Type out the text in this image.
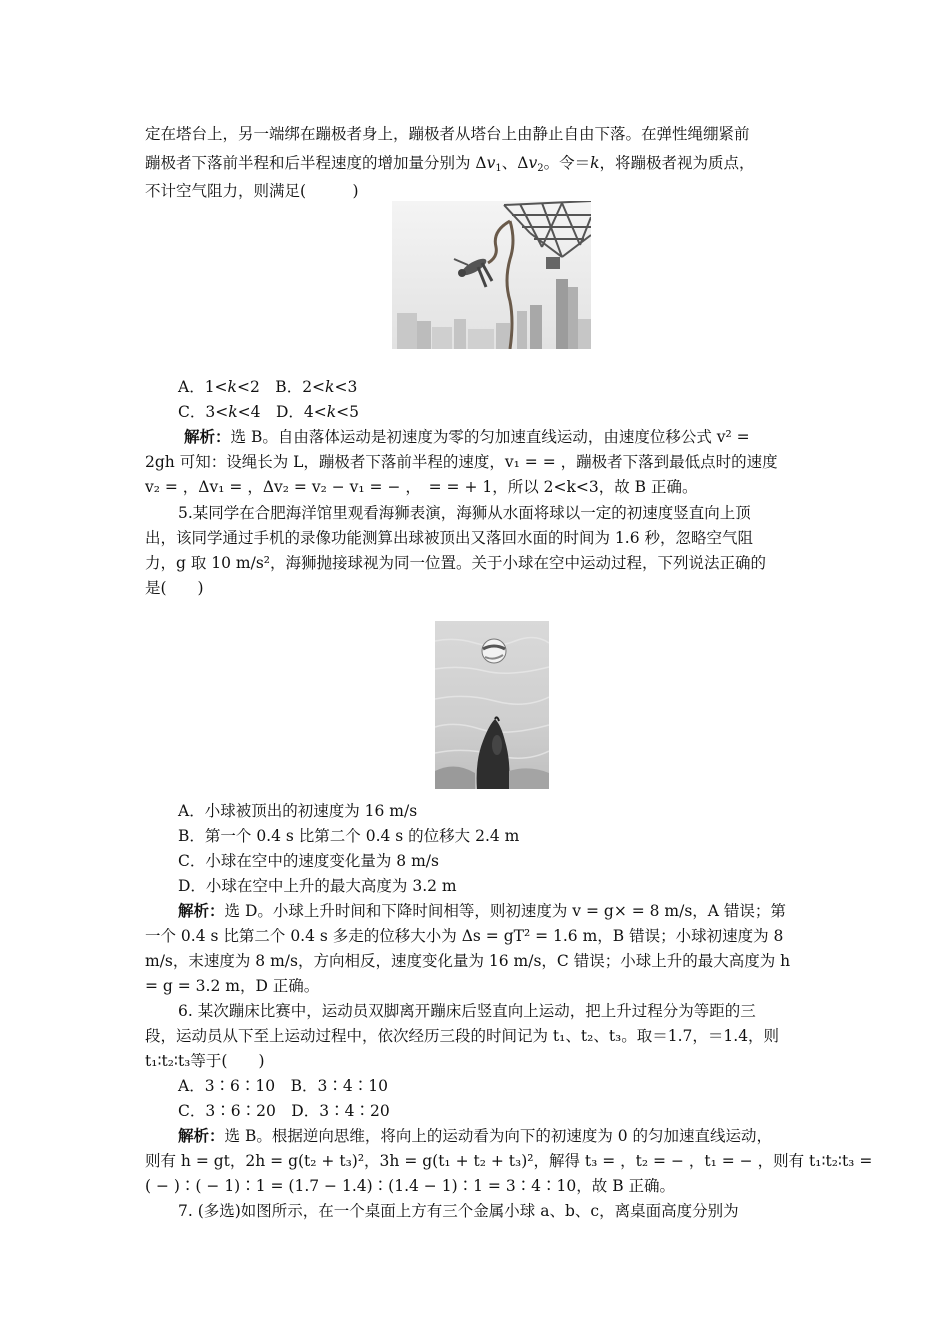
定在塔台上，另一端绑在蹦极者身上，蹦极者从塔台上由静止自由下落。在弹性绳绷紧前
蹦极者下落前半程和后半程速度的增加量分别为 $\Delta v_1$、$\Delta v_2$。令＝k，将蹦极者视为质点，
不计空气阻力，则满足(　　　)
A．1<k<2　B．2<k<3
C．3<k<4　D．4<k<5
解析：选 B。自由落体运动是初速度为零的匀加速直线运动，由速度位移公式 v² =
2gh 可知：设绳长为 L，蹦极者下落前半程的速度，v₁ = = ，蹦极者下落到最低点时的速度
v₂ = ，Δv₁ = ，Δv₂ = v₂ − v₁ = − ，　= = + 1，所以 2<k<3，故 B 正确。
5.某同学在合肥海洋馆里观看海狮表演，海狮从水面将球以一定的初速度竖直向上顶
出，该同学通过手机的录像功能测算出球被顶出又落回水面的时间为 1.6 秒，忽略空气阻
力，g 取 10 m/s²，海狮抛接球视为同一位置。关于小球在空中运动过程，下列说法正确的
是(　　)
A．小球被顶出的初速度为 16 m/s
B．第一个 0.4 s 比第二个 0.4 s 的位移大 2.4 m
C．小球在空中的速度变化量为 8 m/s
D．小球在空中上升的最大高度为 3.2 m
解析：选 D。小球上升时间和下降时间相等，则初速度为 v = g× = 8 m/s，A 错误；第
一个 0.4 s 比第二个 0.4 s 多走的位移大小为 Δs = gT² = 1.6 m，B 错误；小球初速度为 8
m/s，末速度为 8 m/s，方向相反，速度变化量为 16 m/s，C 错误；小球上升的最大高度为 h
= g = 3.2 m，D 正确。
6. 某次蹦床比赛中，运动员双脚离开蹦床后竖直向上运动，把上升过程分为等距的三
段，运动员从下至上运动过程中，依次经历三段的时间记为 t₁、t₂、t₃。取＝1.7，＝1.4，则
t₁∶t₂∶t₃等于(　　)
A．3∶6∶10　B．3∶4∶10
C．3∶6∶20　D．3∶4∶20
解析：选 B。根据逆向思维，将向上的运动看为向下的初速度为 0 的匀加速直线运动，
则有 h = gt，2h = g(t₂ + t₃)²，3h = g(t₁ + t₂ + t₃)²，解得 t₃ = ，t₂ = − ，t₁ = − ，则有 t₁∶t₂∶t₃ =
( − )∶( − 1)∶1 = (1.7 − 1.4)∶(1.4 − 1)∶1 = 3∶4∶10，故 B 正确。
7. (多选)如图所示，在一个桌面上方有三个金属小球 a、b、c，离桌面高度分别为
